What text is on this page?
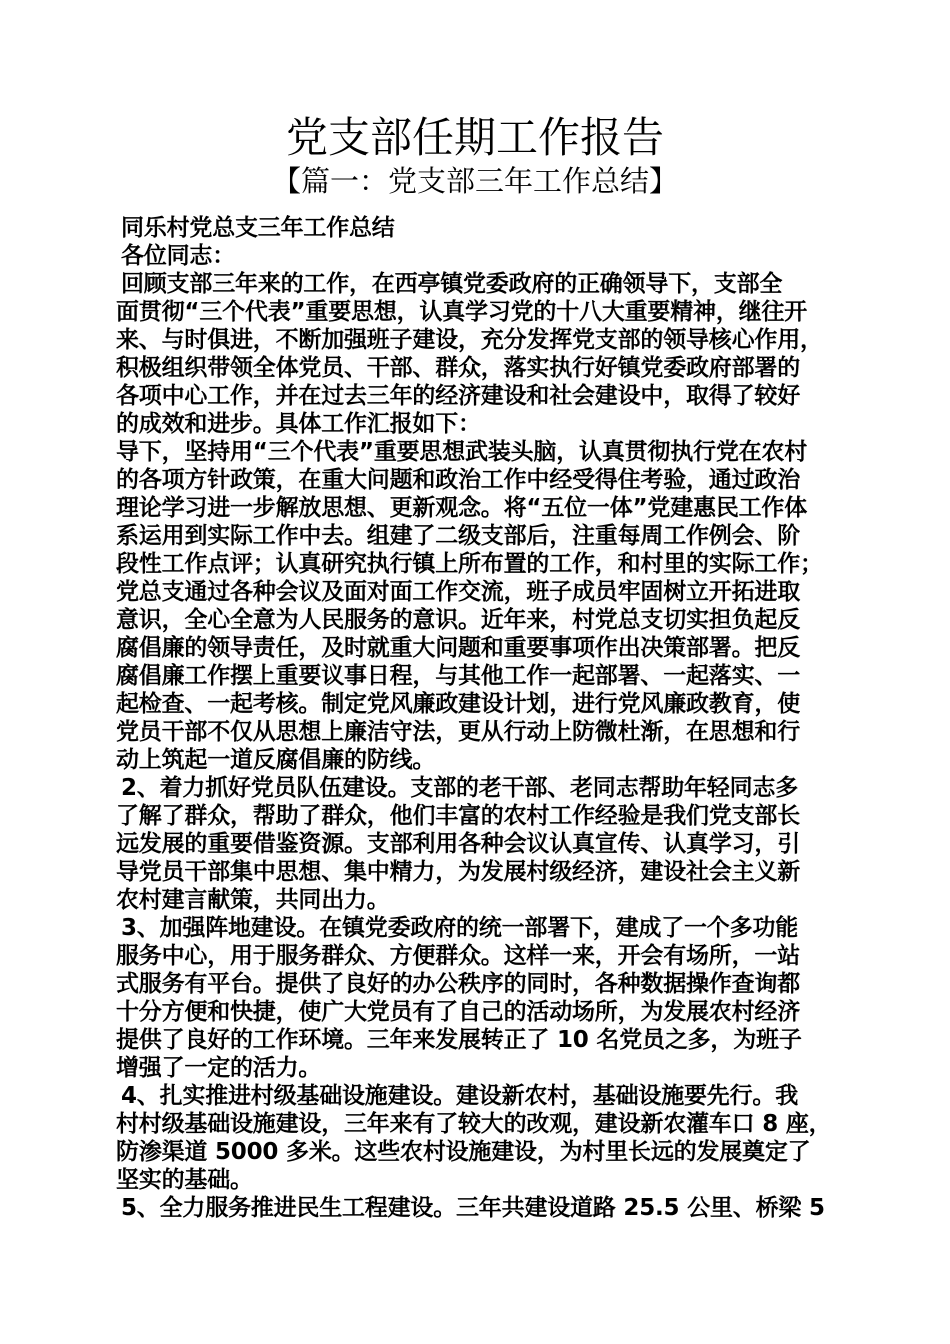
党支部任期工作报告
【篇一：党支部三年工作总结】
同乐村党总支三年工作总结
各位同志：
回顾支部三年来的工作，在西亭镇党委政府的正确领导下，支部全
面贯彻“三个代表”重要思想，认真学习党的十八大重要精神，继往开
来、与时俱进，不断加强班子建设，充分发挥党支部的领导核心作用，
积极组织带领全体党员、干部、群众，落实执行好镇党委政府部署的
各项中心工作，并在过去三年的经济建设和社会建设中，取得了较好
的成效和进步。具体工作汇报如下：
导下，坚持用“三个代表”重要思想武装头脑，认真贯彻执行党在农村
的各项方针政策，在重大问题和政治工作中经受得住考验，通过政治
理论学习进一步解放思想、更新观念。将“五位一体”党建惠民工作体
系运用到实际工作中去。组建了二级支部后，注重每周工作例会、阶
段性工作点评；认真研究执行镇上所布置的工作，和村里的实际工作；
党总支通过各种会议及面对面工作交流，班子成员牢固树立开拓进取
意识，全心全意为人民服务的意识。近年来，村党总支切实担负起反
腐倡廉的领导责任，及时就重大问题和重要事项作出决策部署。把反
腐倡廉工作摆上重要议事日程，与其他工作一起部署、一起落实、一
起检查、一起考核。制定党风廉政建设计划，进行党风廉政教育，使
党员干部不仅从思想上廉洁守法，更从行动上防微杜渐，在思想和行
动上筑起一道反腐倡廉的防线。
2、着力抓好党员队伍建设。支部的老干部、老同志帮助年轻同志多
了解了群众，帮助了群众，他们丰富的农村工作经验是我们党支部长
远发展的重要借鉴资源。支部利用各种会议认真宣传、认真学习，引
导党员干部集中思想、集中精力，为发展村级经济，建设社会主义新
农村建言献策，共同出力。
3、加强阵地建设。在镇党委政府的统一部署下，建成了一个多功能
服务中心，用于服务群众、方便群众。这样一来，开会有场所，一站
式服务有平台。提供了良好的办公秩序的同时，各种数据操作查询都
十分方便和快捷，使广大党员有了自己的活动场所，为发展农村经济
提供了良好的工作环境。三年来发展转正了 10 名党员之多，为班子
增强了一定的活力。
4、扎实推进村级基础设施建设。建设新农村，基础设施要先行。我
村村级基础设施建设，三年来有了较大的改观，建设新农灌车口 8 座，
防渗渠道 5000 多米。这些农村设施建设，为村里长远的发展奠定了
坚实的基础。
5、全力服务推进民生工程建设。三年共建设道路 25.5 公里、桥梁 5
